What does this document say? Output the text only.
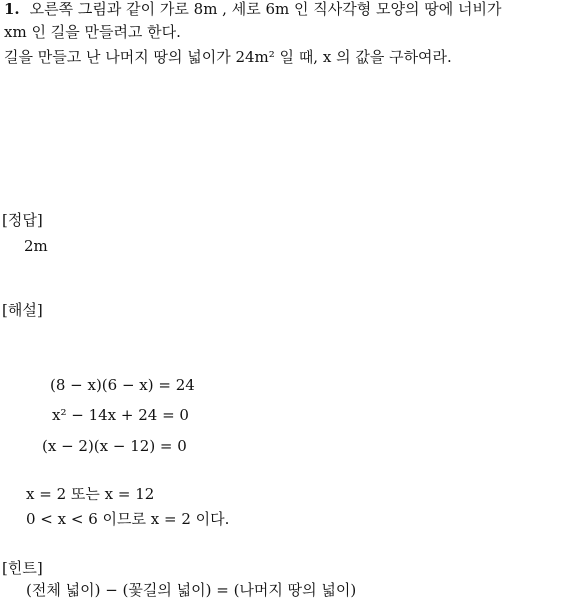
1. 오른쪽 그림과 같이 가로 8m , 세로 6m 인 직사각형 모양의 땅에 너비가
xm 인 길을 만들려고 한다.
길을 만들고 난 나머지 땅의 넓이가 24m² 일 때, x 의 값을 구하여라.
[정답]
2m
[해설]
(8 − x)(6 − x) = 24
x² − 14x + 24 = 0
(x − 2)(x − 12) = 0
x = 2 또는 x = 12
0 < x < 6 이므로 x = 2 이다.
[힌트]
(전체 넓이) − (꽃길의 넓이) = (나머지 땅의 넓이)
